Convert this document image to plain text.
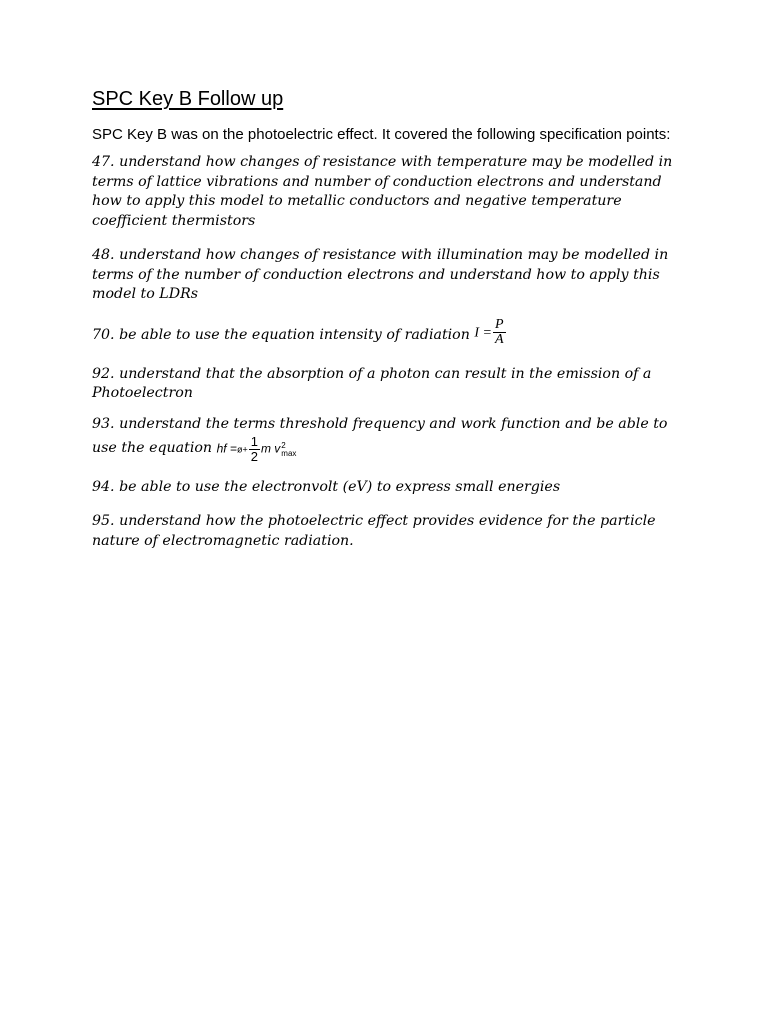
SPC Key B Follow up

SPC Key B was on the photoelectric effect. It covered the following specification points:

47. understand how changes of resistance with temperature may be modelled in terms of lattice vibrations and number of conduction electrons and understand how to apply this model to metallic conductors and negative temperature coefficient thermistors

48. understand how changes of resistance with illumination may be modelled in terms of the number of conduction electrons and understand how to apply this model to LDRs

70. be able to use the equation intensity of radiation $I = \frac{P}{A}$

92. understand that the absorption of a photon can result in the emission of a Photoelectron

93. understand the terms threshold frequency and work function and be able to use the equation hf =ø+ $\frac{1}{2}$ m v 2
max

94. be able to use the electronvolt (eV) to express small energies

95. understand how the photoelectric effect provides evidence for the particle nature of electromagnetic radiation.
